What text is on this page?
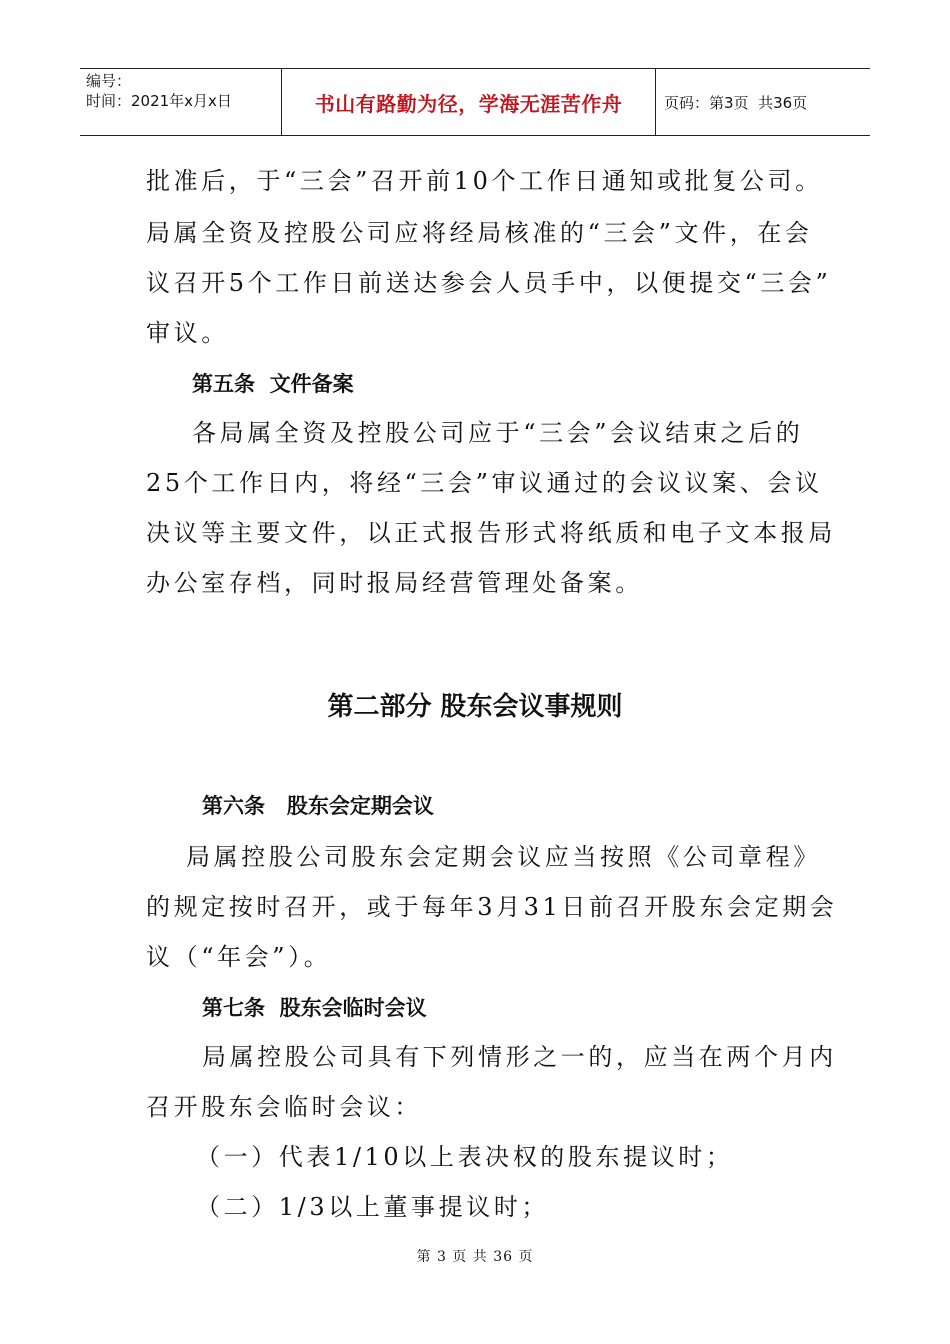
编号：
时间：2021年x月x日	书山有路勤为径，学海无涯苦作舟	页码：第3页  共36页
批准后，于“三会”召开前10个工作日通知或批复公司。
局属全资及控股公司应将经局核准的“三会”文件，在会
议召开5个工作日前送达参会人员手中，以便提交“三会”
审议。
第五条  文件备案
各局属全资及控股公司应于“三会”会议结束之后的
25个工作日内，将经“三会”审议通过的会议议案、会议
决议等主要文件，以正式报告形式将纸质和电子文本报局
办公室存档，同时报局经营管理处备案。
第二部分 股东会议事规则
第六条   股东会定期会议
局属控股公司股东会定期会议应当按照《公司章程》
的规定按时召开，或于每年3月31日前召开股东会定期会
议（“年会”）。
第七条  股东会临时会议
局属控股公司具有下列情形之一的，应当在两个月内
召开股东会临时会议：
（一）代表1/10以上表决权的股东提议时；
（二）1/3以上董事提议时；
第 3 页 共 36 页
